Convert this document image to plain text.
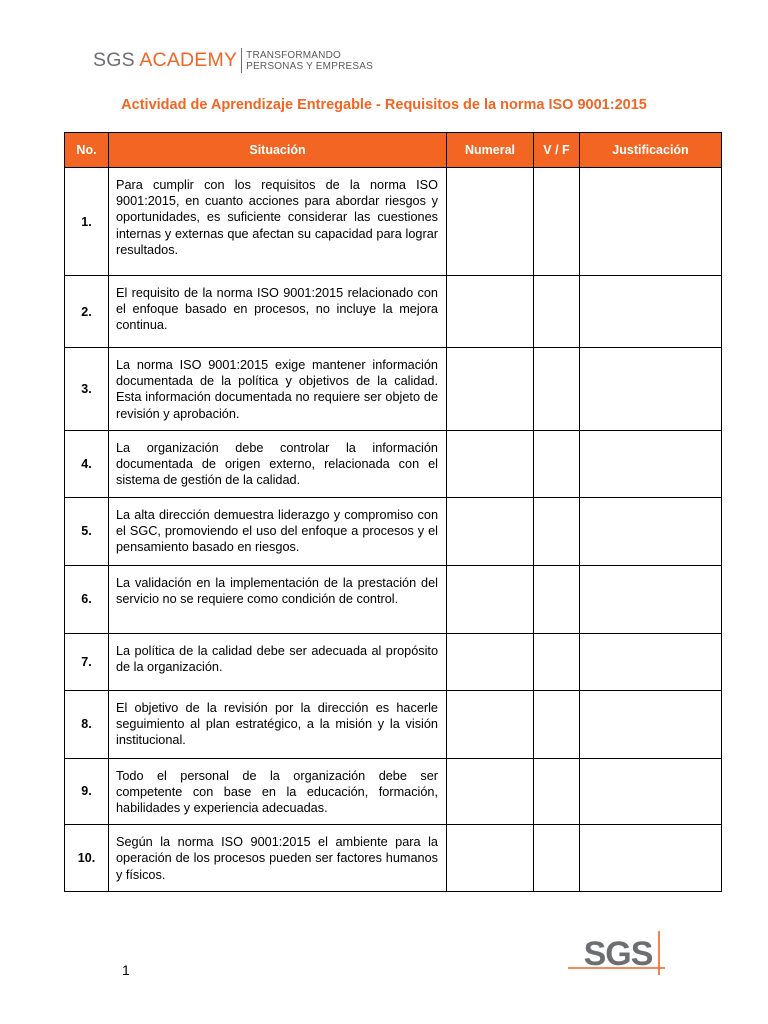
SGS ACADEMY TRANSFORMANDO
PERSONAS Y EMPRESAS
Actividad de Aprendizaje Entregable - Requisitos de la norma ISO 9001:2015
No.	Situación	Numeral	V / F	Justificación
1.	Para cumplir con los requisitos de la norma ISO 9001:2015, en cuanto acciones para abordar riesgos y oportunidades, es suficiente considerar las cuestiones internas y externas que afectan su capacidad para lograr resultados.			
2.	El requisito de la norma ISO 9001:2015 relacionado con el enfoque basado en procesos, no incluye la mejora continua.			
3.	La norma ISO 9001:2015 exige mantener información documentada de la política y objetivos de la calidad. Esta información documentada no requiere ser objeto de revisión y aprobación.			
4.	La organización debe controlar la información documentada de origen externo, relacionada con el sistema de gestión de la calidad.			
5.	La alta dirección demuestra liderazgo y compromiso con el SGC, promoviendo el uso del enfoque a procesos y el pensamiento basado en riesgos.			
6.	La validación en la implementación de la prestación del servicio no se requiere como condición de control.			
7.	La política de la calidad debe ser adecuada al propósito de la organización.			
8.	El objetivo de la revisión por la dirección es hacerle seguimiento al plan estratégico, a la misión y la visión institucional.			
9.	Todo el personal de la organización debe ser competente con base en la educación, formación, habilidades y experiencia adecuadas.			
10.	Según la norma ISO 9001:2015 el ambiente para la operación de los procesos pueden ser factores humanos y físicos.			
1	SGS
